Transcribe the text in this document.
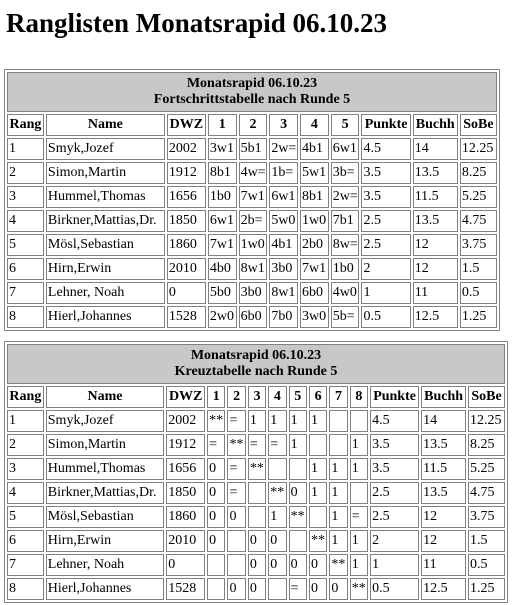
Ranglisten Monatsrapid 06.10.23
Monatsrapid 06.10.23
Fortschrittstabelle nach Runde 5										

Rang	Name	DWZ	1	2	3	4	5	Punkte	Buchh	SoBe
1	Smyk,Jozef	2002	3w1	5b1	2w=	4b1	6w1	4.5	14	12.25
2	Simon,Martin	1912	8b1	4w=	1b=	5w1	3b=	3.5	13.5	8.25
3	Hummel,Thomas	1656	1b0	7w1	6w1	8b1	2w=	3.5	11.5	5.25
4	Birkner,Mattias,Dr.	1850	6w1	2b=	5w0	1w0	7b1	2.5	13.5	4.75
5	Mösl,Sebastian	1860	7w1	1w0	4b1	2b0	8w=	2.5	12	3.75
6	Hirn,Erwin	2010	4b0	8w1	3b0	7w1	1b0	2	12	1.5
7	Lehner, Noah	0	5b0	3b0	8w1	6b0	4w0	1	11	0.5
8	Hierl,Johannes	1528	2w0	6b0	7b0	3w0	5b=	0.5	12.5	1.25
Monatsrapid 06.10.23
Kreuztabelle nach Runde 5													

Rang	Name	DWZ	1	2	3	4	5	6	7	8	Punkte	Buchh	SoBe
1	Smyk,Jozef	2002	**	=	1	1	1	1			4.5	14	12.25
2	Simon,Martin	1912	=	**	=	=	1			1	3.5	13.5	8.25
3	Hummel,Thomas	1656	0	=	**			1	1	1	3.5	11.5	5.25
4	Birkner,Mattias,Dr.	1850	0	=		**	0	1	1		2.5	13.5	4.75
5	Mösl,Sebastian	1860	0	0		1	**		1	=	2.5	12	3.75
6	Hirn,Erwin	2010	0		0	0		**	1	1	2	12	1.5
7	Lehner, Noah	0			0	0	0	0	**	1	1	11	0.5
8	Hierl,Johannes	1528		0	0		=	0	0	**	0.5	12.5	1.25
